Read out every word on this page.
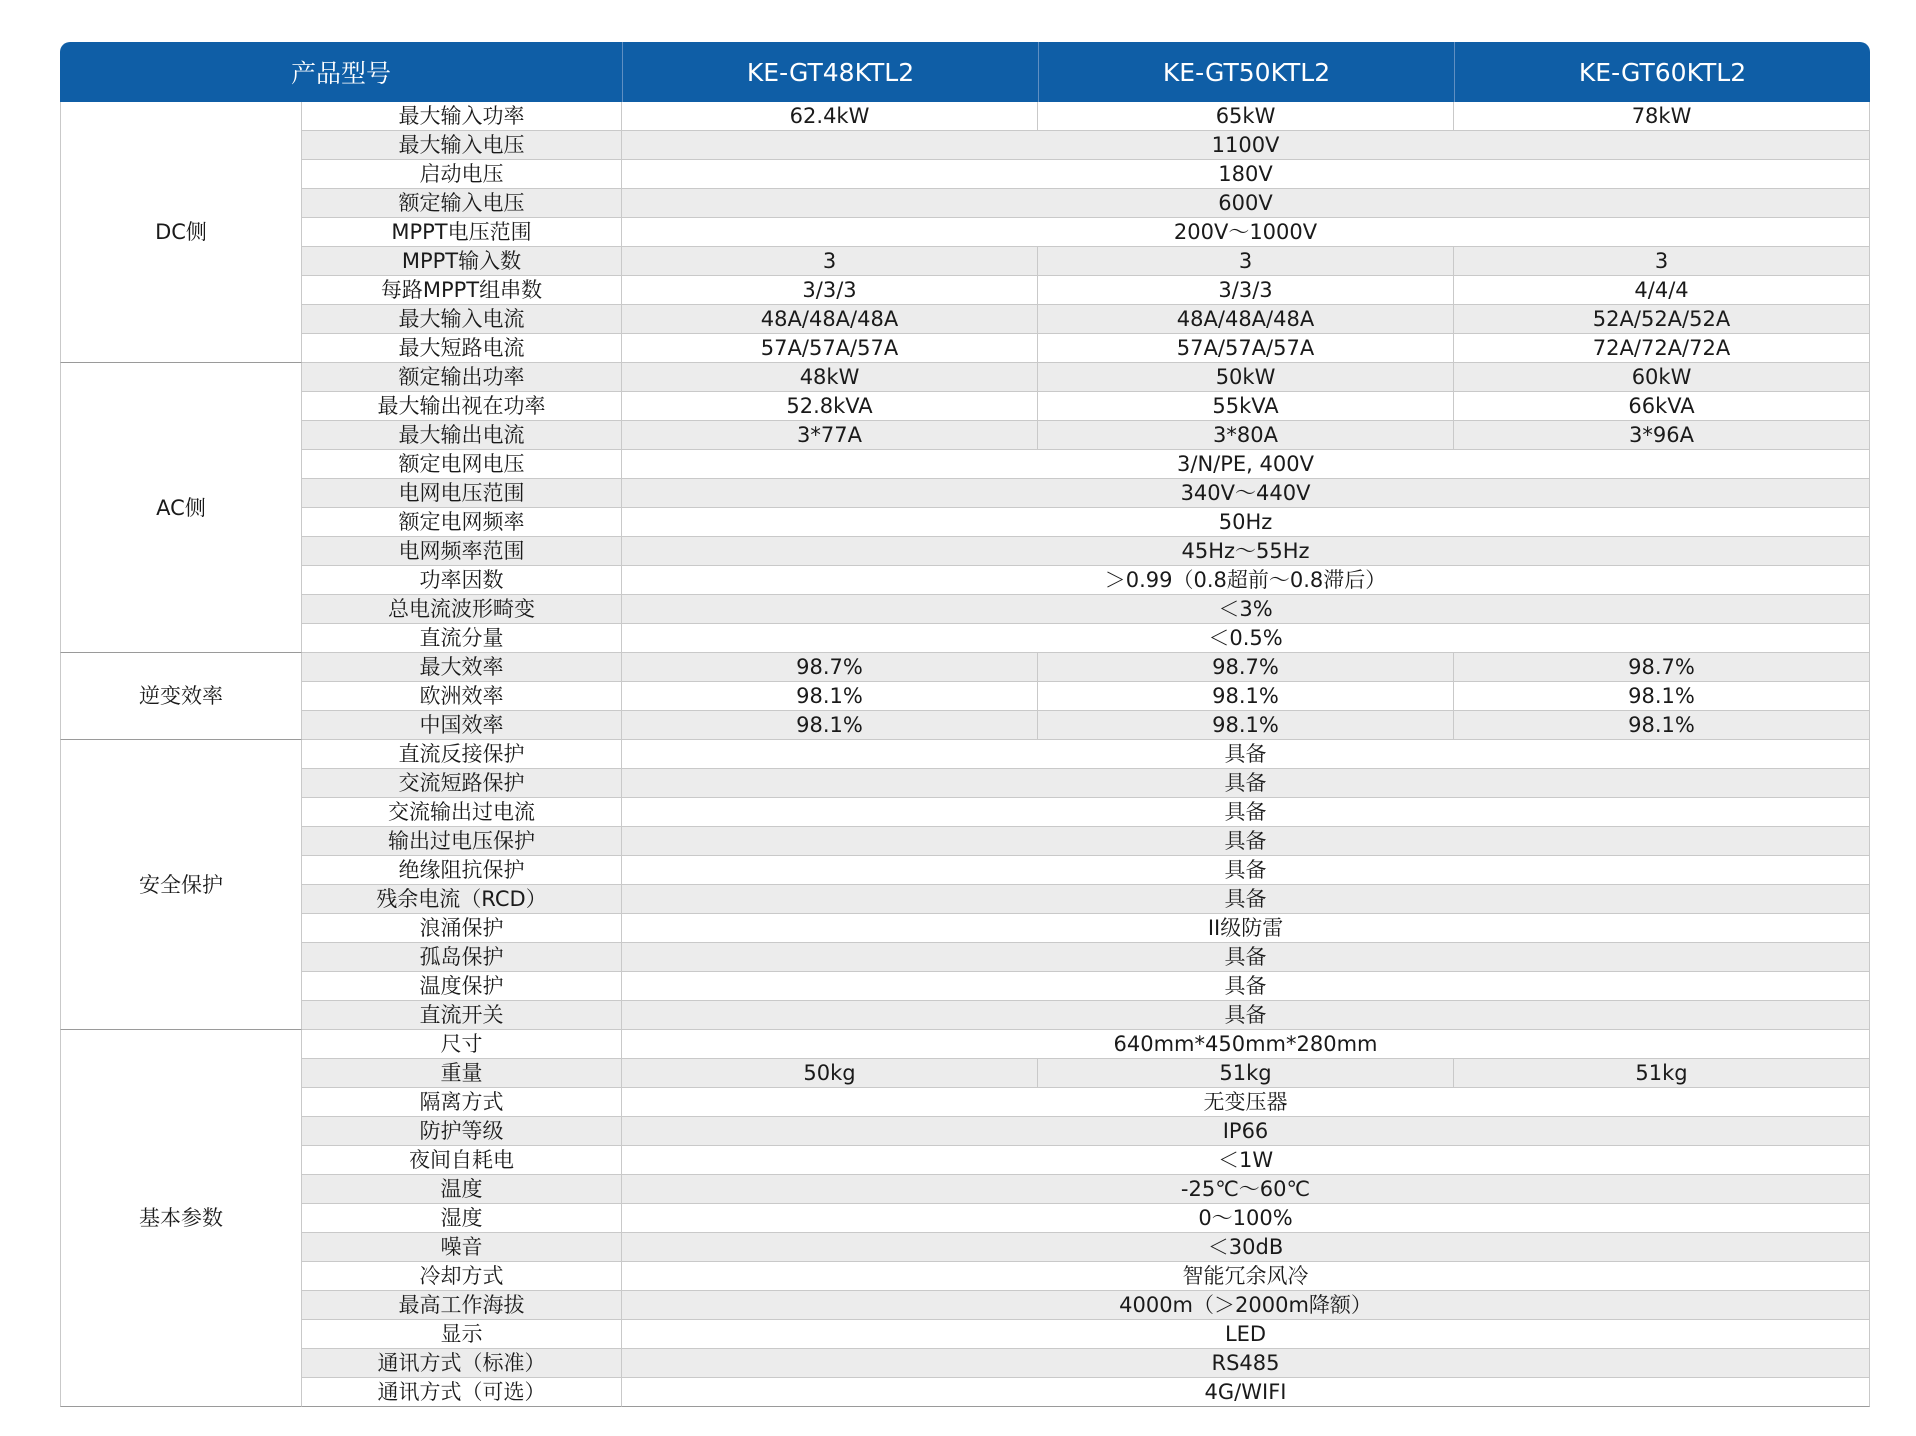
产品型号		KE-GT48KTL2	KE-GT50KTL2	KE-GT60KTL2
DC侧	最大输入功率	62.4kW	65kW	78kW
	最大输入电压	1100V		
	启动电压	180V		
	额定输入电压	600V		
	MPPT电压范围	200V～1000V		
	MPPT输入数	3	3	3
	每路MPPT组串数	3/3/3	3/3/3	4/4/4
	最大输入电流	48A/48A/48A	48A/48A/48A	52A/52A/52A
	最大短路电流	57A/57A/57A	57A/57A/57A	72A/72A/72A
AC侧	额定输出功率	48kW	50kW	60kW
	最大输出视在功率	52.8kVA	55kVA	66kVA
	最大输出电流	3*77A	3*80A	3*96A
	额定电网电压	3/N/PE, 400V		
	电网电压范围	340V～440V		
	额定电网频率	50Hz		
	电网频率范围	45Hz～55Hz		
	功率因数	＞0.99（0.8超前～0.8滞后）		
	总电流波形畸变	＜3%		
	直流分量	＜0.5%		
逆变效率	最大效率	98.7%	98.7%	98.7%
	欧洲效率	98.1%	98.1%	98.1%
	中国效率	98.1%	98.1%	98.1%
安全保护	直流反接保护	具备		
	交流短路保护	具备		
	交流输出过电流	具备		
	输出过电压保护	具备		
	绝缘阻抗保护	具备		
	残余电流（RCD）	具备		
	浪涌保护	II级防雷		
	孤岛保护	具备		
	温度保护	具备		
	直流开关	具备		
基本参数	尺寸	640mm*450mm*280mm		
	重量	50kg	51kg	51kg
	隔离方式	无变压器		
	防护等级	IP66		
	夜间自耗电	＜1W		
	温度	-25℃～60℃		
	湿度	0～100%		
	噪音	＜30dB		
	冷却方式	智能冗余风冷		
	最高工作海拔	4000m（＞2000m降额）		
	显示	LED		
	通讯方式（标准）	RS485		
	通讯方式（可选）	4G/WIFI		
